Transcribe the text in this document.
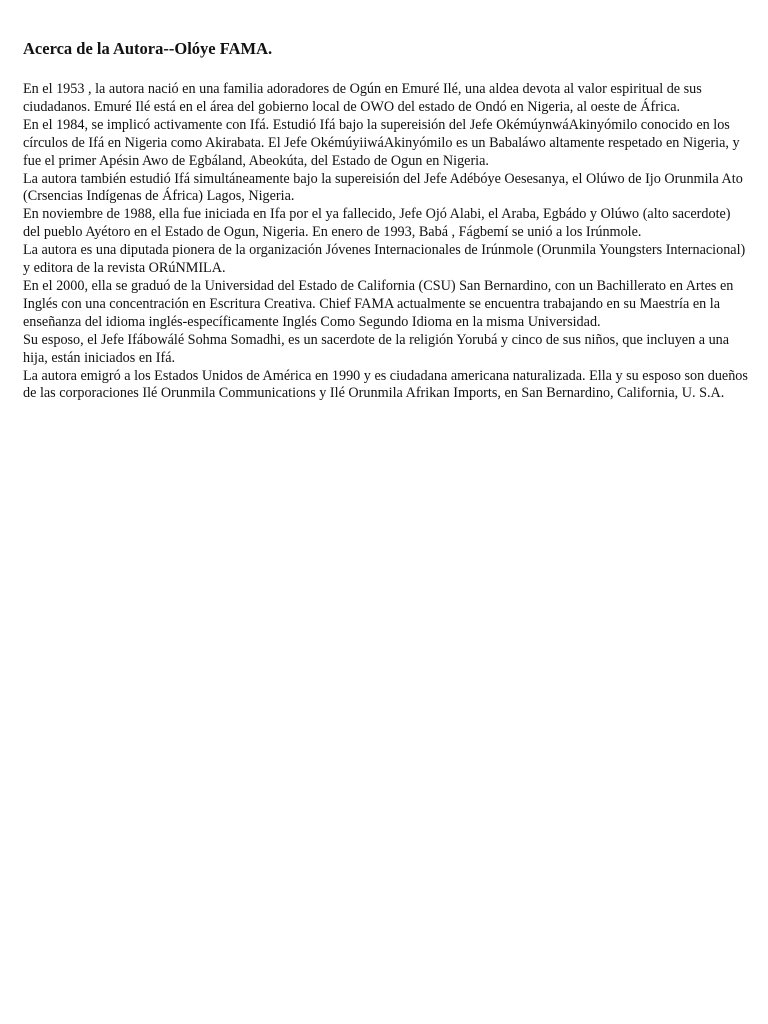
Acerca de la Autora--Olóye FAMA.

En el 1953 , la autora nació en una familia adoradores de Ogún en Emuré Ilé, una aldea devota al valor espiritual de sus ciudadanos. Emuré Ilé está en el área del gobierno local de OWO del estado de Ondó en Nigeria, al oeste de África.

En el 1984, se implicó activamente con Ifá. Estudió Ifá bajo la supereisión del Jefe OkémúynwáAkinyómilo conocido en los círculos de Ifá en Nigeria como Akirabata. El Jefe OkémúyiiwáAkinyómilo es un Babaláwo altamente respetado en Nigeria, y fue el primer Apésin Awo de Egbáland, Abeokúta, del Estado de Ogun en Nigeria.

La autora también estudió Ifá simultáneamente bajo la supereisión del Jefe Adébóye Oesesanya, el Olúwo de Ijo Orunmila Ato (Crsencias Indígenas de África) Lagos, Nigeria.

En noviembre de 1988, ella fue iniciada en Ifa por el ya fallecido, Jefe Ojó Alabi, el Araba, Egbádo y Olúwo (alto sacerdote) del pueblo Ayétoro en el Estado de Ogun, Nigeria. En enero de 1993, Babá , Fágbemí se unió a los Irúnmole.

La autora es una diputada pionera de la organización Jóvenes Internacionales de Irúnmole (Orunmila Youngsters Internacional) y editora de la revista ORúNMILA.

En el 2000, ella se graduó de la Universidad del Estado de California (CSU) San Bernardino, con un Bachillerato en Artes en Inglés con una concentración en Escritura Creativa. Chief FAMA actualmente se encuentra trabajando en su Maestría en la enseñanza del idioma inglés-específicamente Inglés Como Segundo Idioma en la misma Universidad.

Su esposo, el Jefe Ifábowálé Sohma Somadhi, es un sacerdote de la religión Yorubá y cinco de sus niños, que incluyen a una hija, están iniciados en Ifá.

La autora emigró a los Estados Unidos de América en 1990 y es ciudadana americana naturalizada. Ella y su esposo son dueños de las corporaciones Ilé Orunmila Communications y Ilé Orunmila Afrikan Imports, en San Bernardino, California, U. S.A.
